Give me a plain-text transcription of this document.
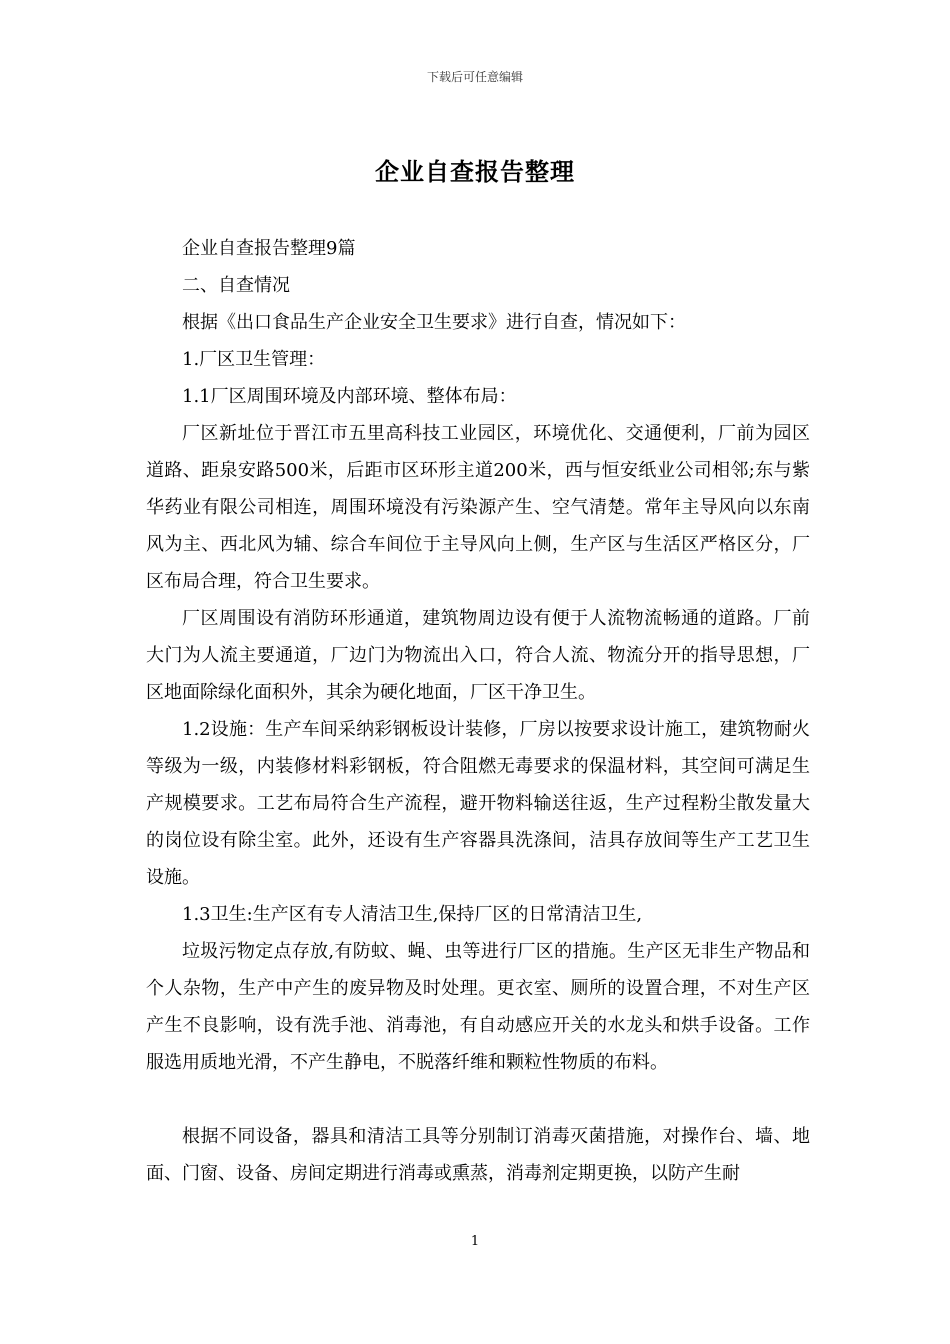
下载后可任意编辑
企业自查报告整理

企业自查报告整理9篇

二、自查情况

根据《出口食品生产企业安全卫生要求》进行自查，情况如下：

1.厂区卫生管理：

1.1厂区周围环境及内部环境、整体布局：

厂区新址位于晋江市五里高科技工业园区，环境优化、交通便利，厂前为园区道路、距泉安路500米，后距市区环形主道200米，西与恒安纸业公司相邻;东与紫华药业有限公司相连，周围环境没有污染源产生、空气清楚。常年主导风向以东南风为主、西北风为辅、综合车间位于主导风向上侧，生产区与生活区严格区分，厂区布局合理，符合卫生要求。

厂区周围设有消防环形通道，建筑物周边设有便于人流物流畅通的道路。厂前大门为人流主要通道，厂边门为物流出入口，符合人流、物流分开的指导思想，厂区地面除绿化面积外，其余为硬化地面，厂区干净卫生。

1.2设施：生产车间采纳彩钢板设计装修，厂房以按要求设计施工，建筑物耐火等级为一级，内装修材料彩钢板，符合阻燃无毒要求的保温材料，其空间可满足生产规模要求。工艺布局符合生产流程，避开物料输送往返，生产过程粉尘散发量大的岗位设有除尘室。此外，还设有生产容器具洗涤间，洁具存放间等生产工艺卫生设施。

1.3卫生:生产区有专人清洁卫生,保持厂区的日常清洁卫生,

垃圾污物定点存放,有防蚊、蝇、虫等进行厂区的措施。生产区无非生产物品和个人杂物，生产中产生的废异物及时处理。更衣室、厕所的设置合理，不对生产区产生不良影响，设有洗手池、消毒池，有自动感应开关的水龙头和烘手设备。工作服选用质地光滑，不产生静电，不脱落纤维和颗粒性物质的布料。

根据不同设备，器具和清洁工具等分别制订消毒灭菌措施，对操作台、墙、地面、门窗、设备、房间定期进行消毒或熏蒸，消毒剂定期更换，以防产生耐

1
